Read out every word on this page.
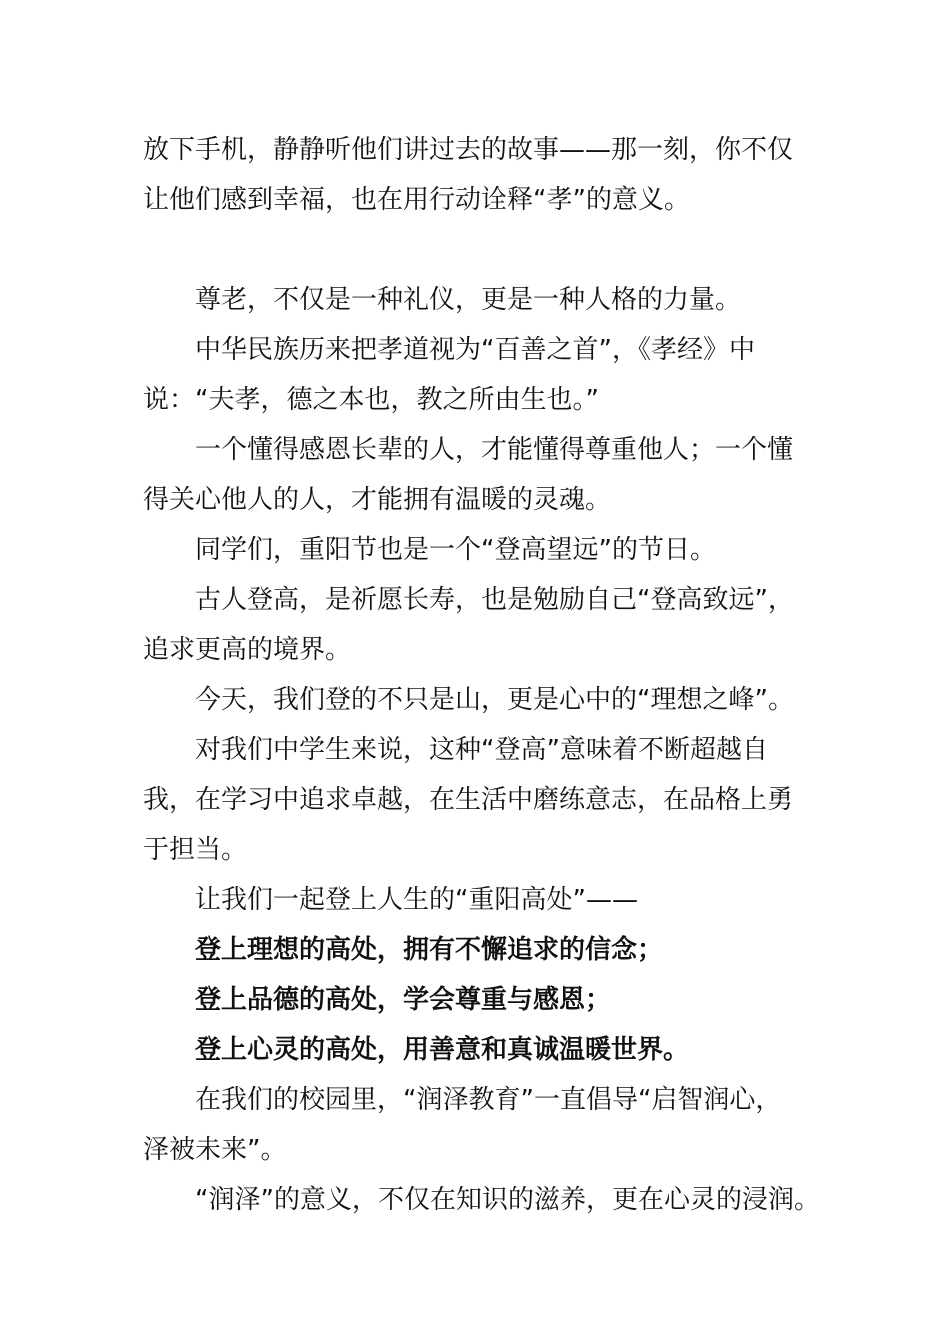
放下手机，静静听他们讲过去的故事——那一刻，你不仅
让他们感到幸福，也在用行动诠释“孝”的意义。
尊老，不仅是一种礼仪，更是一种人格的力量。
中华民族历来把孝道视为“百善之首”，《孝经》中
说：“夫孝，德之本也，教之所由生也。”
一个懂得感恩长辈的人，才能懂得尊重他人；一个懂
得关心他人的人，才能拥有温暖的灵魂。
同学们，重阳节也是一个“登高望远”的节日。
古人登高，是祈愿长寿，也是勉励自己“登高致远”，
追求更高的境界。
今天，我们登的不只是山，更是心中的“理想之峰”。
对我们中学生来说，这种“登高”意味着不断超越自
我，在学习中追求卓越，在生活中磨练意志，在品格上勇
于担当。
让我们一起登上人生的“重阳高处”——
登上理想的高处，拥有不懈追求的信念；
登上品德的高处，学会尊重与感恩；
登上心灵的高处，用善意和真诚温暖世界。
在我们的校园里，“润泽教育”一直倡导“启智润心，
泽被未来”。
“润泽”的意义，不仅在知识的滋养，更在心灵的浸润。
